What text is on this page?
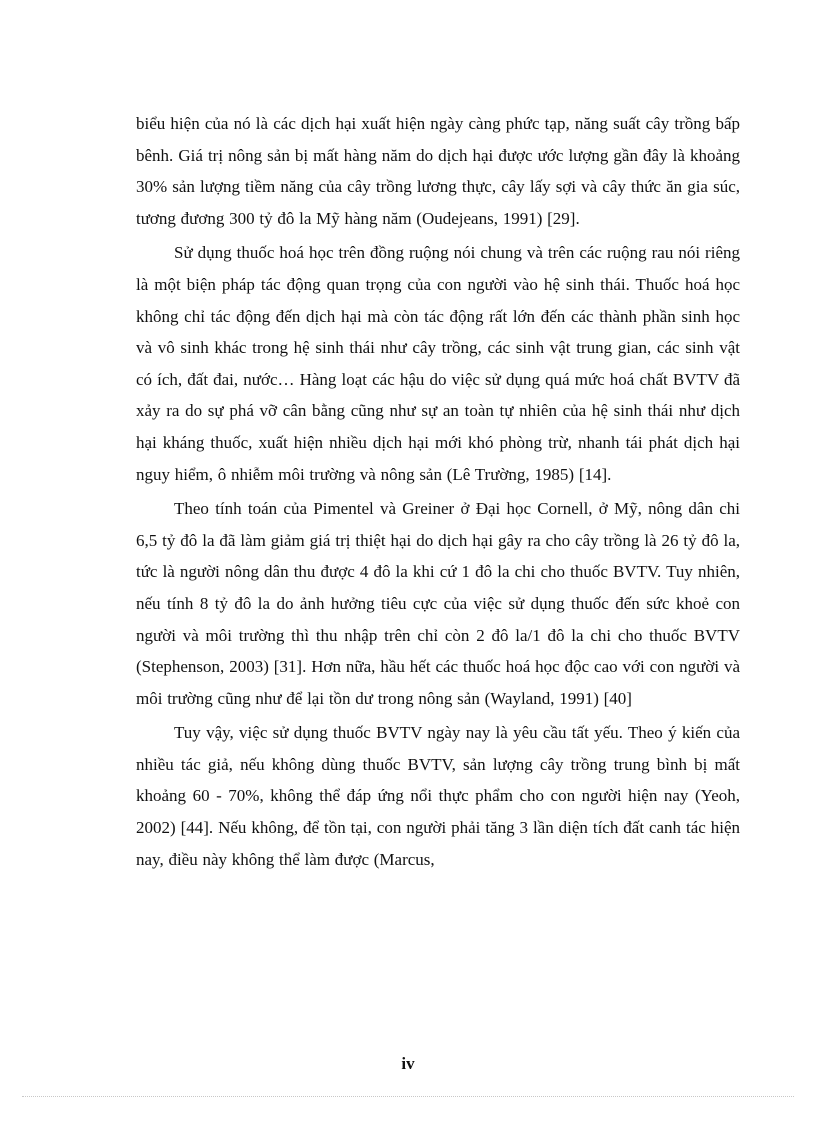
biểu hiện của nó là các dịch hại xuất hiện ngày càng phức tạp, năng suất cây trồng bấp bênh. Giá trị nông sản bị mất hàng năm do dịch hại được ước lượng gần đây là khoảng 30% sản lượng tiềm năng của cây trồng lương thực, cây lấy sợi và cây thức ăn gia súc, tương đương 300 tỷ đô la Mỹ hàng năm (Oudejeans, 1991) [29].

Sử dụng thuốc hoá học trên đồng ruộng nói chung và trên các ruộng rau nói riêng là một biện pháp tác động quan trọng của con người vào hệ sinh thái. Thuốc hoá học không chỉ tác động đến dịch hại mà còn tác động rất lớn đến các thành phần sinh học và vô sinh khác trong hệ sinh thái như cây trồng, các sinh vật trung gian, các sinh vật có ích, đất đai, nước… Hàng loạt các hậu do việc sử dụng quá mức hoá chất BVTV đã xảy ra do sự phá vỡ cân bằng cũng như sự an toàn tự nhiên của hệ sinh thái như dịch hại kháng thuốc, xuất hiện nhiều dịch hại mới khó phòng trừ, nhanh tái phát dịch hại nguy hiểm, ô nhiễm môi trường và nông sản (Lê Trường, 1985) [14].

Theo tính toán của Pimentel và Greiner ở Đại học Cornell, ở Mỹ, nông dân chi 6,5 tỷ đô la đã làm giảm giá trị thiệt hại do dịch hại gây ra cho cây trồng là 26 tỷ đô la, tức là người nông dân thu được 4 đô la khi cứ 1 đô la chi cho thuốc BVTV. Tuy nhiên, nếu tính 8 tỷ đô la do ảnh hưởng tiêu cực của việc sử dụng thuốc đến sức khoẻ con người và môi trường thì thu nhập trên chỉ còn 2 đô la/1 đô la chi cho thuốc BVTV (Stephenson, 2003) [31]. Hơn nữa, hầu hết các thuốc hoá học độc cao với con người và môi trường cũng như để lại tồn dư trong nông sản (Wayland, 1991) [40]

Tuy vậy, việc sử dụng thuốc BVTV ngày nay là yêu cầu tất yếu. Theo ý kiến của nhiều tác giả, nếu không dùng thuốc BVTV, sản lượng cây trồng trung bình bị mất khoảng 60 - 70%, không thể đáp ứng nổi thực phẩm cho con người hiện nay (Yeoh, 2002) [44]. Nếu không, để tồn tại, con người phải tăng 3 lần diện tích đất canh tác hiện nay, điều này không thể làm được (Marcus,

iv
